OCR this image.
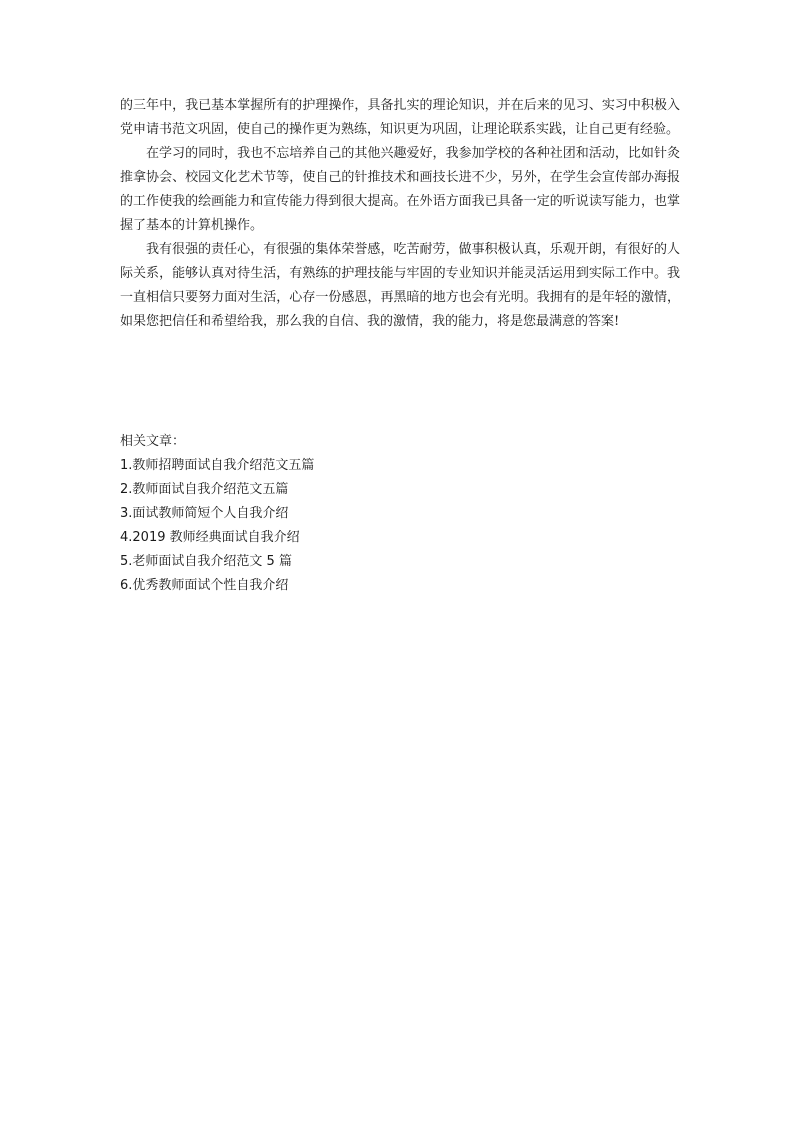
的三年中，我已基本掌握所有的护理操作，具备扎实的理论知识，并在后来的见习、实习中积极入党申请书范文巩固，使自己的操作更为熟练，知识更为巩固，让理论联系实践，让自己更有经验。

在学习的同时，我也不忘培养自己的其他兴趣爱好，我参加学校的各种社团和活动，比如针灸推拿协会、校园文化艺术节等，使自己的针推技术和画技长进不少，另外，在学生会宣传部办海报的工作使我的绘画能力和宣传能力得到很大提高。在外语方面我已具备一定的听说读写能力，也掌握了基本的计算机操作。

我有很强的责任心，有很强的集体荣誉感，吃苦耐劳，做事积极认真，乐观开朗，有很好的人际关系，能够认真对待生活，有熟练的护理技能与牢固的专业知识并能灵活运用到实际工作中。我一直相信只要努力面对生活，心存一份感恩，再黑暗的地方也会有光明。我拥有的是年轻的激情，如果您把信任和希望给我，那么我的自信、我的激情，我的能力，将是您最满意的答案!

相关文章：

1.教师招聘面试自我介绍范文五篇
2.教师面试自我介绍范文五篇
3.面试教师简短个人自我介绍
4.2019 教师经典面试自我介绍
5.老师面试自我介绍范文 5 篇
6.优秀教师面试个性自我介绍
